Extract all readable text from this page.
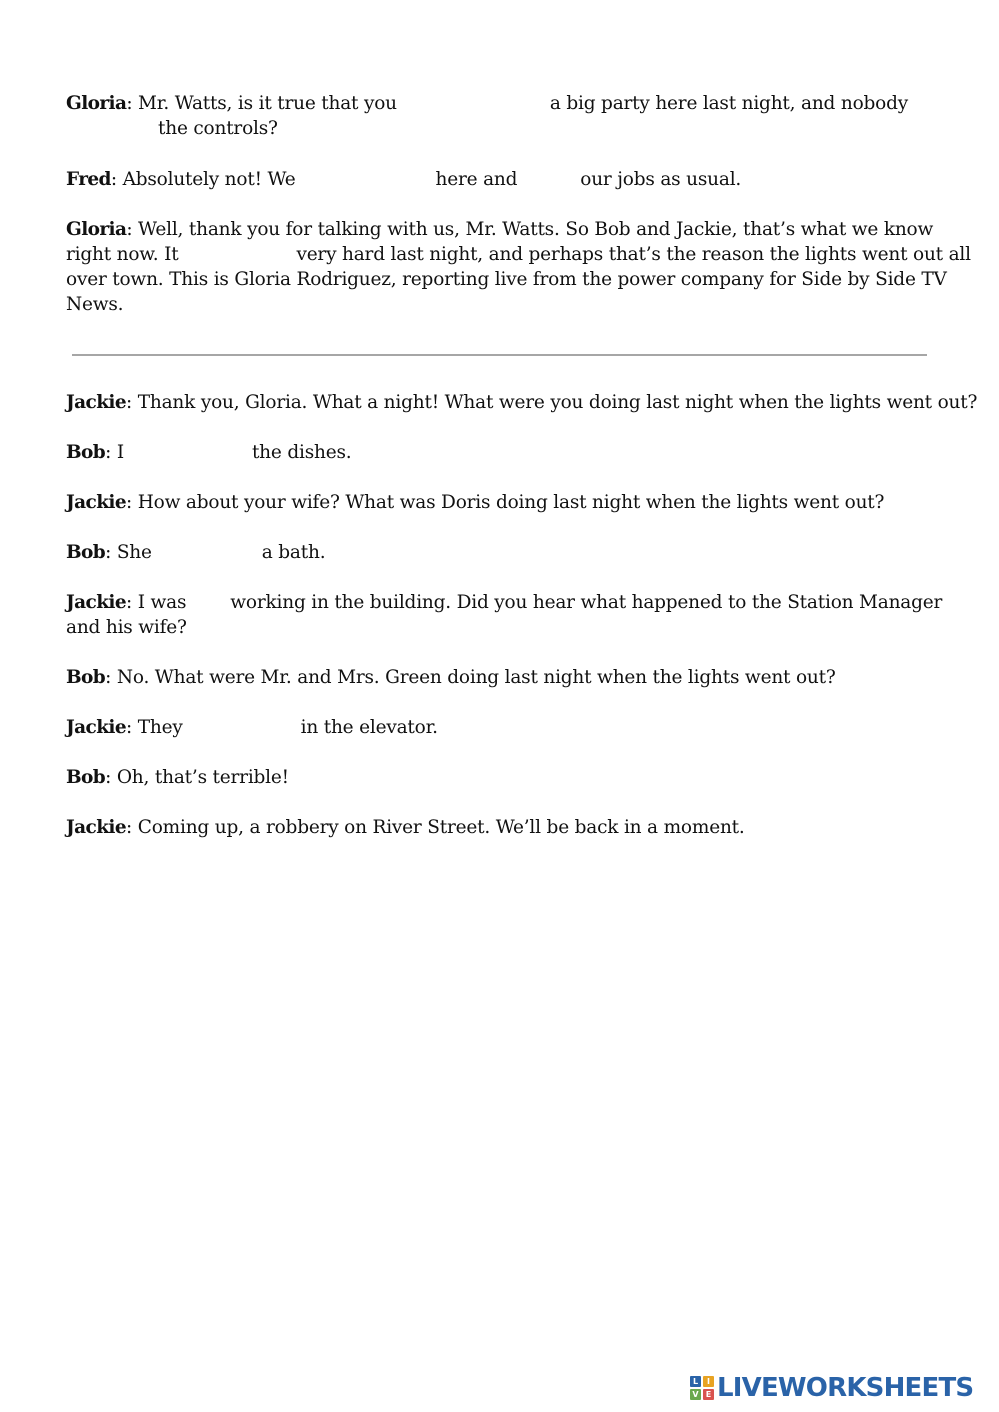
Gloria: Mr. Watts, is it true that you	a big party here last night, and nobody

the controls?

Fred: Absolutely not! We	here and	our jobs as usual.

Gloria: Well, thank you for talking with us, Mr. Watts. So Bob and Jackie, that’s what we know

right now. It	very hard last night, and perhaps that’s the reason the lights went out all

over town. This is Gloria Rodriguez, reporting live from the power company for Side by Side TV

News.

Jackie: Thank you, Gloria. What a night! What were you doing last night when the lights went out?

Bob: I	the dishes.

Jackie: How about your wife? What was Doris doing last night when the lights went out?

Bob: She	a bath.

Jackie: I was working in the building. Did you hear what happened to the Station Manager

and his wife?

Bob: No. What were Mr. and Mrs. Green doing last night when the lights went out?

Jackie: They	in the elevator.

Bob: Oh, that’s terrible!

Jackie: Coming up, a robbery on River Street. We’ll be back in a moment.

L	I
V E LIVEWORKSHEETS
